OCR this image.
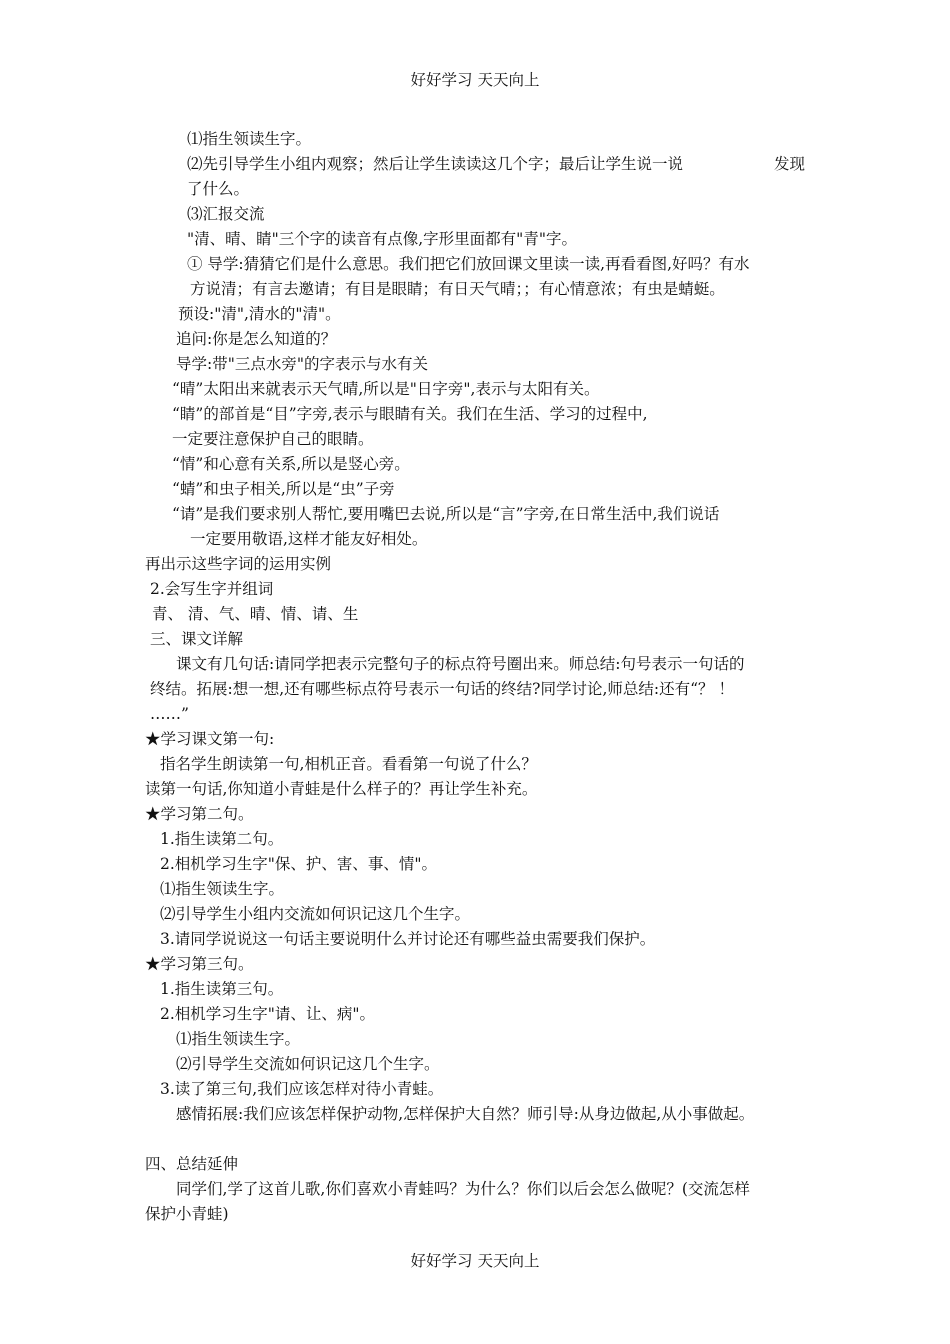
好好学习 天天向上

⑴指生领读生字。

⑵先引导学生小组内观察；然后让学生读读这几个字；最后让学生说一说	发现

了什么。

⑶汇报交流

"清、晴、睛"三个字的读音有点像,字形里面都有"青"字。

① 导学:猜猜它们是什么意思。我们把它们放回课文里读一读,再看看图,好吗？有水

方说清；有言去邀请；有目是眼睛；有日天气晴；；有心情意浓；有虫是蜻蜓。

预设:"清",清水的"清"。

追问:你是怎么知道的？

导学:带"三点水旁"的字表示与水有关

“晴”太阳出来就表示天气晴,所以是"日字旁",表示与太阳有关。

“睛”的部首是“目”字旁,表示与眼睛有关。我们在生活、学习的过程中,

一定要注意保护自己的眼睛。

“情”和心意有关系,所以是竖心旁。

“蜻”和虫子相关,所以是“虫”子旁

“请”是我们要求别人帮忙,要用嘴巴去说,所以是“言”字旁,在日常生活中,我们说话

一定要用敬语,这样才能友好相处。

再出示这些字词的运用实例

2.会写生字并组词

青、 清、气、晴、情、请、生

三、课文详解

课文有几句话:请同学把表示完整句子的标点符号圈出来。师总结:句号表示一句话的

终结。拓展:想一想,还有哪些标点符号表示一句话的终结?同学讨论,师总结:还有“？ ！

……”

★学习课文第一句:

指名学生朗读第一句,相机正音。看看第一句说了什么？

读第一句话,你知道小青蛙是什么样子的？再让学生补充。

★学习第二句。

1.指生读第二句。

2.相机学习生字"保、护、害、事、情"。

⑴指生领读生字。

⑵引导学生小组内交流如何识记这几个生字。

3.请同学说说这一句话主要说明什么并讨论还有哪些益虫需要我们保护。

★学习第三句。

1.指生读第三句。

2.相机学习生字"请、让、病"。

⑴指生领读生字。

⑵引导学生交流如何识记这几个生字。

3.读了第三句,我们应该怎样对待小青蛙。

感情拓展:我们应该怎样保护动物,怎样保护大自然？师引导:从身边做起,从小事做起。

四、总结延伸

同学们,学了这首儿歌,你们喜欢小青蛙吗？为什么？你们以后会怎么做呢？(交流怎样

保护小青蛙)

好好学习 天天向上
